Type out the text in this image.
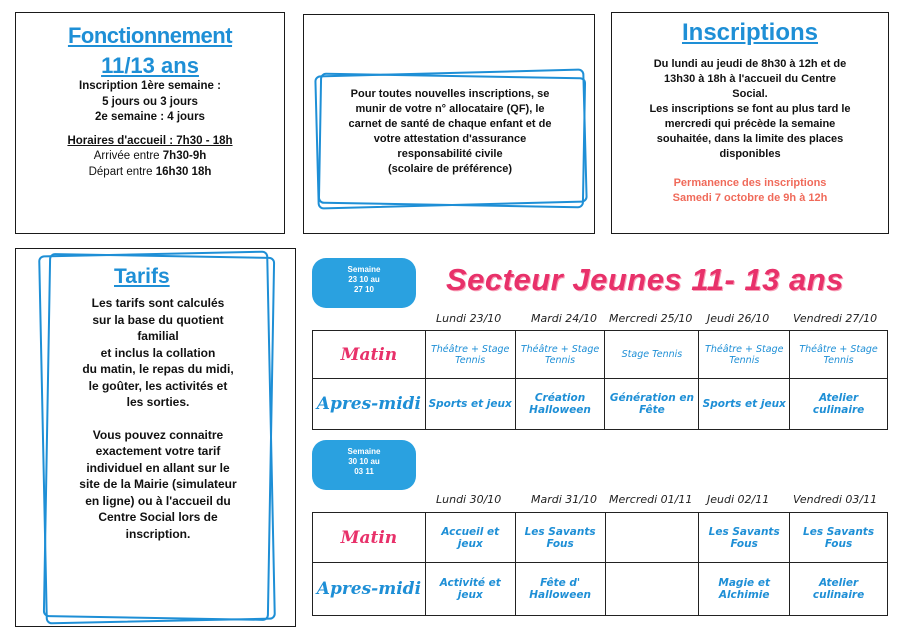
Fonctionnement
11/13 ans
Inscription 1ère semaine :
5 jours ou 3 jours
2e semaine : 4 jours
Horaires d'accueil : 7h30 - 18h
Arrivée entre 7h30-9h
Départ entre 16h30 18h
Pour toutes nouvelles inscriptions, se
munir de votre n° allocataire (QF), le
carnet de santé de chaque enfant et de
votre attestation d'assurance
responsabilité civile
(scolaire de préférence)
Inscriptions
Du lundi au jeudi de 8h30 à 12h et de
13h30 à 18h à l'accueil du Centre
Social.
Les inscriptions se font au plus tard le
mercredi qui précède la semaine
souhaitée, dans la limite des places
disponibles
Permanence des inscriptions
Samedi 7 octobre de 9h à 12h
Tarifs
Les tarifs sont calculés
sur la base du quotient
familial
et inclus la collation
du matin, le repas du midi,
le goûter, les activités et
les sorties.
Vous pouvez connaitre
exactement votre tarif
individuel en allant sur le
site de la Mairie (simulateur
en ligne) ou à l'accueil du
Centre Social lors de
inscription.
Secteur Jeunes 11- 13 ans
Semaine
23 10 au
27 10
Lundi 23/10	Mardi 24/10 Mercredi 25/10 Jeudi 26/10 Vendredi 27/10
Matin	Théâtre + Stage Tennis	Théâtre + Stage Tennis	Stage Tennis	Théâtre + Stage Tennis	Théâtre + Stage Tennis
Apres-midi	Sports et jeux	Création Halloween	Génération en Fête	Sports et jeux	Atelier culinaire
Semaine
30 10 au
03 11
Lundi 30/10	Mardi 31/10 Mercredi 01/11 Jeudi 02/11 Vendredi 03/11
Matin	Accueil et jeux	Les Savants Fous		Les Savants Fous	Les Savants Fous
Apres-midi	Activité et jeux	Fête d' Halloween		Magie et Alchimie	Atelier culinaire
